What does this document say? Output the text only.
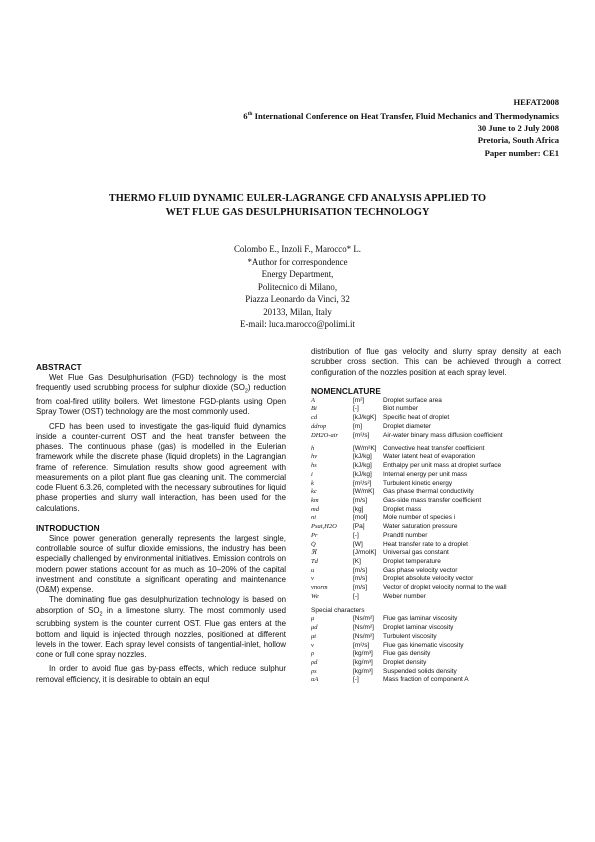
HEFAT2008
6th International Conference on Heat Transfer, Fluid Mechanics and Thermodynamics
30 June to 2 July 2008
Pretoria, South Africa
Paper number: CE1
THERMO FLUID DYNAMIC EULER-LAGRANGE CFD ANALYSIS APPLIED TO
WET FLUE GAS DESULPHURISATION TECHNOLOGY
Colombo E., Inzoli F., Marocco* L.
*Author for correspondence
Energy Department,
Politecnico di Milano,
Piazza Leonardo da Vinci, 32
20133, Milan, Italy
E-mail: luca.marocco@polimi.it
ABSTRACT

Wet Flue Gas Desulphurisation (FGD) technology is the most frequently used scrubbing process for sulphur dioxide $(SO_2)$ reduction from coal-fired utility boilers. Wet limestone FGD-plants using Open Spray Tower (OST) technology are the most commonly used.

CFD has been used to investigate the gas-liquid fluid dynamics inside a counter-current OST and the heat transfer between the phases. The continuous phase (gas) is modelled in the Eulerian framework while the discrete phase (liquid droplets) in the Lagrangian frame of reference. Simulation results show good agreement with measurements on a pilot plant flue gas cleaning unit. The commercial code Fluent 6.3.26, completed with the necessary subroutines for liquid phase properties and slurry wall interaction, has been used for the calculations.

INTRODUCTION

Since power generation generally represents the largest single, controllable source of sulfur dioxide emissions, the industry has been especially challenged by environmental initiatives. Emission controls on modern power stations account for as much as 10–20% of the capital investment and constitute a significant operating and maintenance (O&M) expense.

The dominating flue gas desulphurization technology is based on absorption of $SO_2$ in a limestone slurry. The most commonly used scrubbing system is the counter current OST. Flue gas enters at the bottom and liquid is injected through nozzles, positioned at different levels in the tower. Each spray level consists of tangential-inlet, hollow cone or full cone spray nozzles.

In order to avoid flue gas by-pass effects, which reduce sulphur removal efficiency, it is desirable to obtain an equl

distribution of flue gas velocity and slurry spray density at each scrubber cross section. This can be achieved through a correct configuration of the nozzles position at each spray level.
NOMENCLATURE
A	[m²]	Droplet surface area
Bi	[-]	Biot number
cd	[kJ/kgK]	Specific heat of droplet
ddrop	[m]	Droplet diameter
DH2O-air	[m²/s]	Air-water binary mass diffusion coefficient

h	[W/m²K]	Convective heat transfer coefficient
hv	[kJ/kg]	Water latent heat of evaporation
hs	[kJ/kg]	Enthalpy per unit mass at droplet surface
i	[kJ/kg]	Internal energy per unit mass
k	[m²/s²]	Turbulent kinetic energy
kc	[W/mK]	Gas phase thermal conductivity
km	[m/s]	Gas-side mass transfer coefficient
md	[kg]	Droplet mass
ni	[mol]	Mole number of species i
Psat,H2O	[Pa]	Water saturation pressure
Pr	[-]	Prandtl number
Q̇	[W]	Heat transfer rate to a droplet
ℜ	[J/molK]	Universal gas constant
Td	[K]	Droplet temperature
u	[m/s]	Gas phase velocity vector
v	[m/s]	Droplet absolute velocity vector
vnorm	[m/s]	Vector of droplet velocity normal to the wall
We	[-]	Weber number
Special characters
μ	[Ns/m²]	Flue gas laminar viscosity
μd	[Ns/m²]	Droplet laminar viscosity
μt	[Ns/m²]	Turbulent viscosity
ν	[m²/s]	Flue gas kinematic viscosity
ρ	[kg/m³]	Flue gas density
ρd	[kg/m³]	Droplet density
ρs	[kg/m³]	Suspended solids density
αA	[-]	Mass fraction of component A
